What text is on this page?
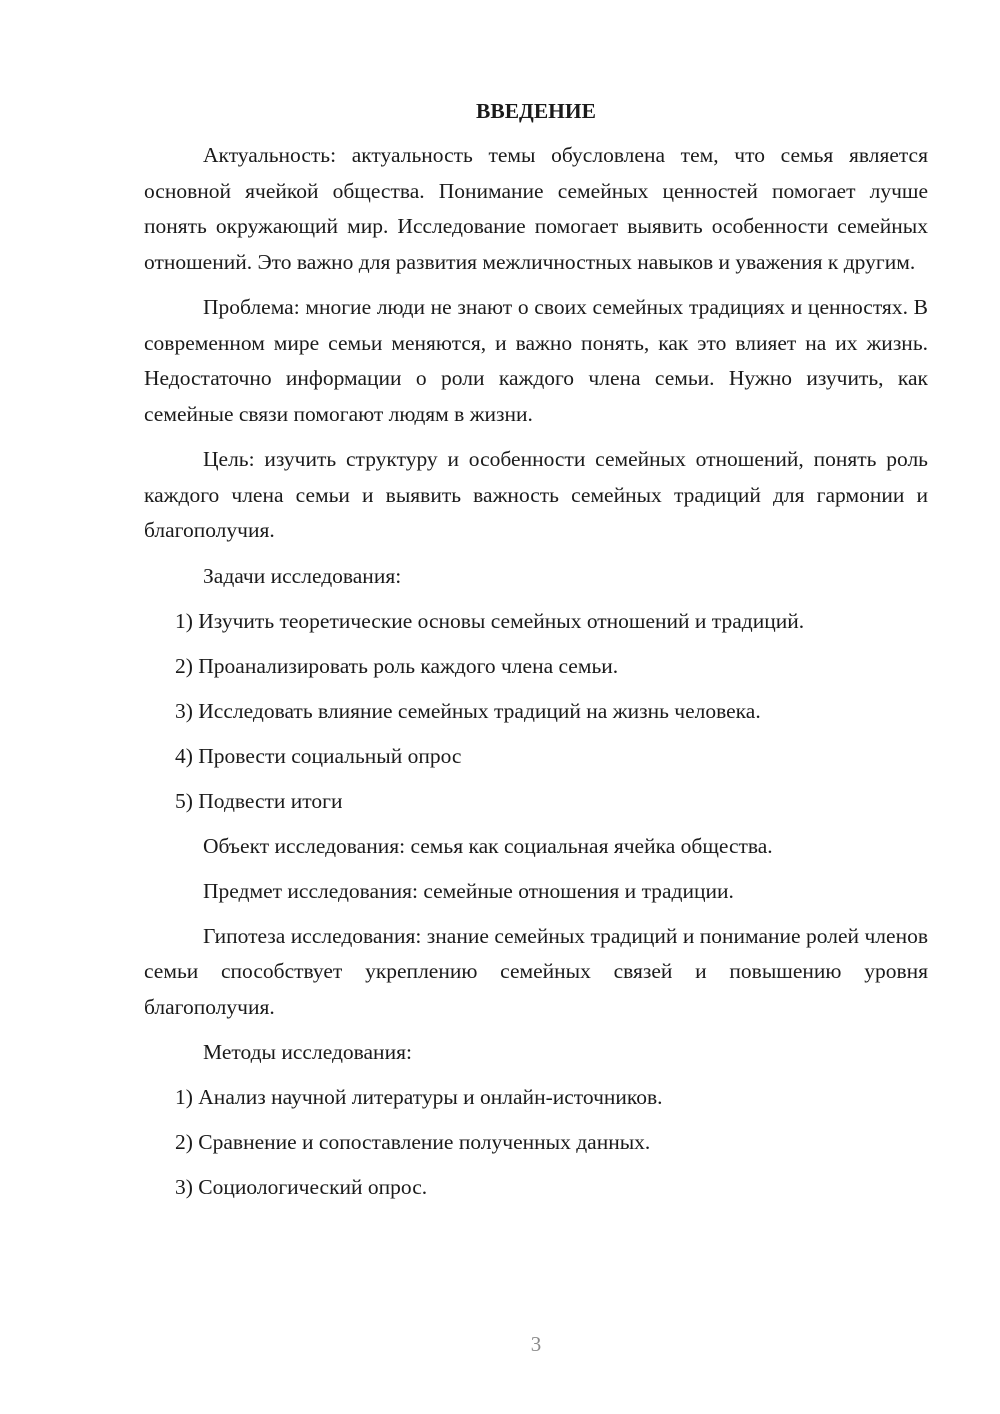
ВВЕДЕНИЕ

Актуальность: актуальность темы обусловлена тем, что семья является основной ячейкой общества. Понимание семейных ценностей помогает лучше понять окружающий мир. Исследование помогает выявить особенности семейных отношений. Это важно для развития межличностных навыков и уважения к другим.

Проблема: многие люди не знают о своих семейных традициях и ценностях. В современном мире семьи меняются, и важно понять, как это влияет на их жизнь. Недостаточно информации о роли каждого члена семьи. Нужно изучить, как семейные связи помогают людям в жизни.

Цель: изучить структуру и особенности семейных отношений, понять роль каждого члена семьи и выявить важность семейных традиций для гармонии и благополучия.

Задачи исследования:

1) Изучить теоретические основы семейных отношений и традиций.
2) Проанализировать роль каждого члена семьи.
3) Исследовать влияние семейных традиций на жизнь человека.
4) Провести социальный опрос
5) Подвести итоги

Объект исследования: семья как социальная ячейка общества.

Предмет исследования: семейные отношения и традиции.

Гипотеза исследования: знание семейных традиций и понимание ролей членов семьи способствует укреплению семейных связей и повышению уровня благополучия.

Методы исследования:

1) Анализ научной литературы и онлайн-источников.
2) Сравнение и сопоставление полученных данных.
3) Социологический опрос.
3
